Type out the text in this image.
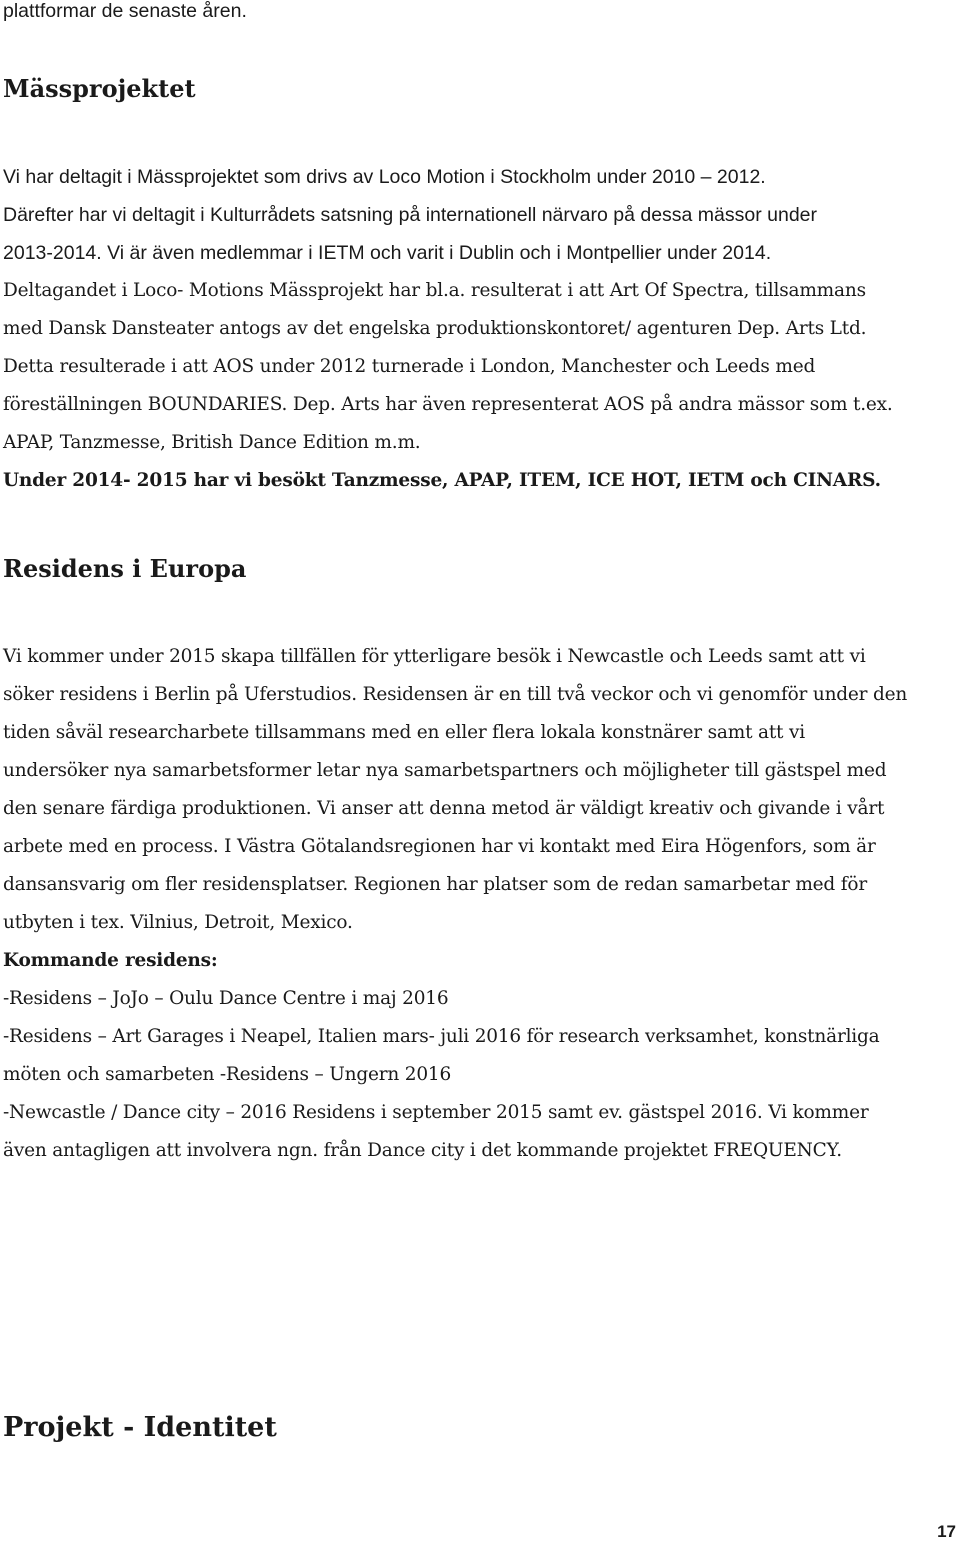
plattformar de senaste åren.
Mässprojektet
Vi har deltagit i Mässprojektet som drivs av Loco Motion i Stockholm under 2010 – 2012.
Därefter har vi deltagit i Kulturrådets satsning på internationell närvaro på dessa mässor under
2013-2014. Vi är även medlemmar i IETM och varit i Dublin och i Montpellier under 2014.
Deltagandet i Loco- Motions Mässprojekt har bl.a. resulterat i att Art Of Spectra, tillsammans
med Dansk Dansteater antogs av det engelska produktionskontoret/ agenturen Dep. Arts Ltd.
Detta resulterade i att AOS under 2012 turnerade i London, Manchester och Leeds med
föreställningen BOUNDARIES. Dep. Arts har även representerat AOS på andra mässor som t.ex.
APAP, Tanzmesse, British Dance Edition m.m.
Under 2014- 2015 har vi besökt Tanzmesse, APAP, ITEM, ICE HOT, IETM och CINARS.
Residens i Europa
Vi kommer under 2015 skapa tillfällen för ytterligare besök i Newcastle och Leeds samt att vi
söker residens i Berlin på Uferstudios. Residensen är en till två veckor och vi genomför under den
tiden såväl researcharbete tillsammans med en eller flera lokala konstnärer samt att vi
undersöker nya samarbetsformer letar nya samarbetspartners och möjligheter till gästspel med
den senare färdiga produktionen. Vi anser att denna metod är väldigt kreativ och givande i vårt
arbete med en process. I Västra Götalandsregionen har vi kontakt med Eira Högenfors, som är
dansansvarig om fler residensplatser. Regionen har platser som de redan samarbetar med för
utbyten i tex. Vilnius, Detroit, Mexico.
Kommande residens:
-Residens – JoJo – Oulu Dance Centre i maj 2016
-Residens – Art Garages i Neapel, Italien mars- juli 2016 för research verksamhet, konstnärliga
möten och samarbeten -Residens – Ungern 2016
-Newcastle / Dance city – 2016 Residens i september 2015 samt ev. gästspel 2016. Vi kommer
även antagligen att involvera ngn. från Dance city i det kommande projektet FREQUENCY.
Projekt - Identitet
17
